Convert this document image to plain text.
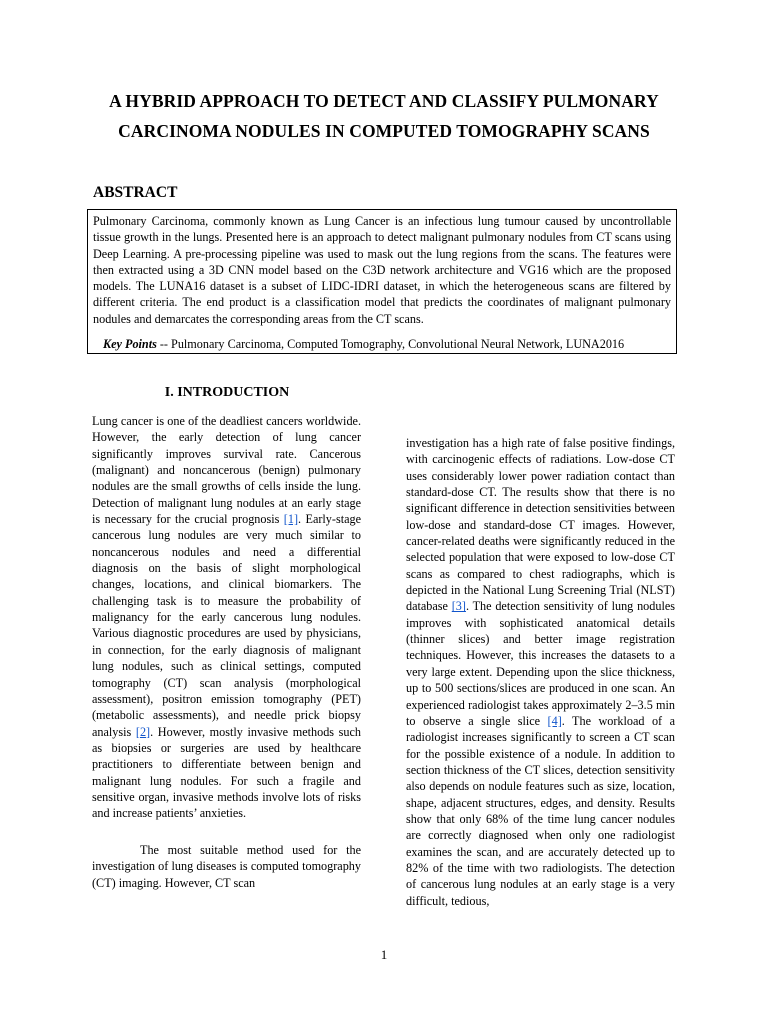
A HYBRID APPROACH TO DETECT AND CLASSIFY PULMONARY
CARCINOMA NODULES IN COMPUTED TOMOGRAPHY SCANS
ABSTRACT

Pulmonary Carcinoma, commonly known as Lung Cancer is an infectious lung tumour caused by uncontrollable tissue growth in the lungs. Presented here is an approach to detect malignant pulmonary nodules from CT scans using Deep Learning. A pre-processing pipeline was used to mask out the lung regions from the scans. The features were then extracted using a 3D CNN model based on the C3D network architecture and VG16 which are the proposed models. The LUNA16 dataset is a subset of LIDC-IDRI dataset, in which the heterogeneous scans are filtered by different criteria. The end product is a classification model that predicts the coordinates of malignant pulmonary nodules and demarcates the corresponding areas from the CT scans.

Key Points -- Pulmonary Carcinoma, Computed Tomography, Convolutional Neural Network, LUNA2016

I. INTRODUCTION

Lung cancer is one of the deadliest cancers worldwide. However, the early detection of lung cancer significantly improves survival rate. Cancerous (malignant) and noncancerous (benign) pulmonary nodules are the small growths of cells inside the lung. Detection of malignant lung nodules at an early stage is necessary for the crucial prognosis [1]. Early-stage cancerous lung nodules are very much similar to noncancerous nodules and need a differential diagnosis on the basis of slight morphological changes, locations, and clinical biomarkers. The challenging task is to measure the probability of malignancy for the early cancerous lung nodules. Various diagnostic procedures are used by physicians, in connection, for the early diagnosis of malignant lung nodules, such as clinical settings, computed tomography (CT) scan analysis (morphological assessment), positron emission tomography (PET) (metabolic assessments), and needle prick biopsy analysis [2]. However, mostly invasive methods such as biopsies or surgeries are used by healthcare practitioners to differentiate between benign and malignant lung nodules. For such a fragile and sensitive organ, invasive methods involve lots of risks and increase patients’ anxieties.

The most suitable method used for the investigation of lung diseases is computed tomography (CT) imaging. However, CT scan

investigation has a high rate of false positive findings, with carcinogenic effects of radiations. Low-dose CT uses considerably lower power radiation contact than standard-dose CT. The results show that there is no significant difference in detection sensitivities between low-dose and standard-dose CT images. However, cancer-related deaths were significantly reduced in the selected population that were exposed to low-dose CT scans as compared to chest radiographs, which is depicted in the National Lung Screening Trial (NLST) database [3]. The detection sensitivity of lung nodules improves with sophisticated anatomical details (thinner slices) and better image registration techniques. However, this increases the datasets to a very large extent. Depending upon the slice thickness, up to 500 sections/slices are produced in one scan. An experienced radiologist takes approximately 2–3.5 min to observe a single slice [4]. The workload of a radiologist increases significantly to screen a CT scan for the possible existence of a nodule. In addition to section thickness of the CT slices, detection sensitivity also depends on nodule features such as size, location, shape, adjacent structures, edges, and density. Results show that only 68% of the time lung cancer nodules are correctly diagnosed when only one radiologist examines the scan, and are accurately detected up to 82% of the time with two radiologists. The detection of cancerous lung nodules at an early stage is a very difficult, tedious,

1
